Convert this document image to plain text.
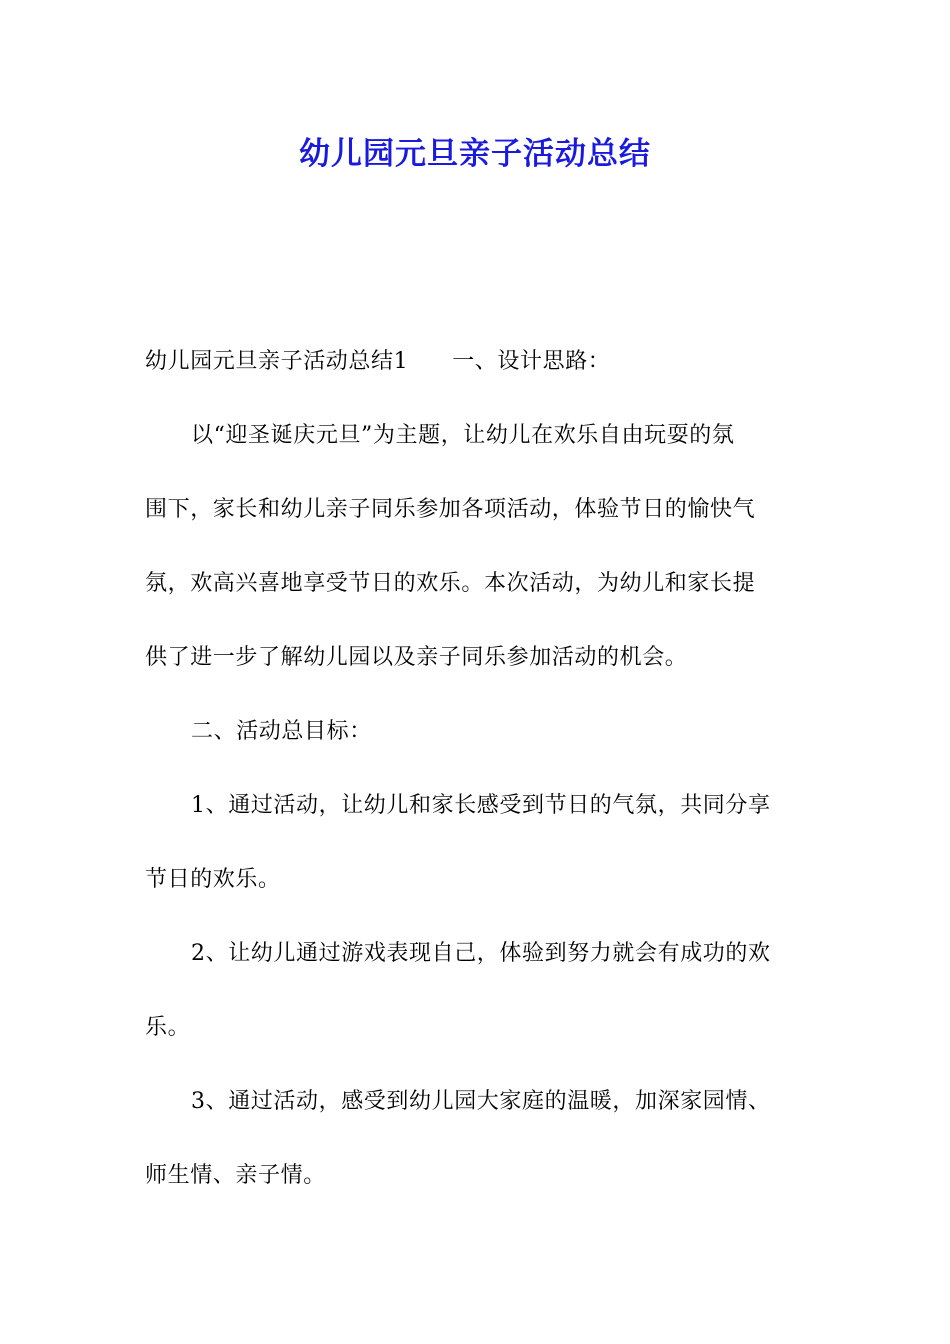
幼儿园元旦亲子活动总结
幼儿园元旦亲子活动总结1 一、设计思路：
以“迎圣诞庆元旦”为主题，让幼儿在欢乐自由玩耍的氛
围下，家长和幼儿亲子同乐参加各项活动，体验节日的愉快气
氛，欢高兴喜地享受节日的欢乐。本次活动，为幼儿和家长提
供了进一步了解幼儿园以及亲子同乐参加活动的机会。
二、活动总目标：
1、通过活动，让幼儿和家长感受到节日的气氛，共同分享
节日的欢乐。
2、让幼儿通过游戏表现自己，体验到努力就会有成功的欢
乐。
3、通过活动，感受到幼儿园大家庭的温暖，加深家园情、
师生情、亲子情。
